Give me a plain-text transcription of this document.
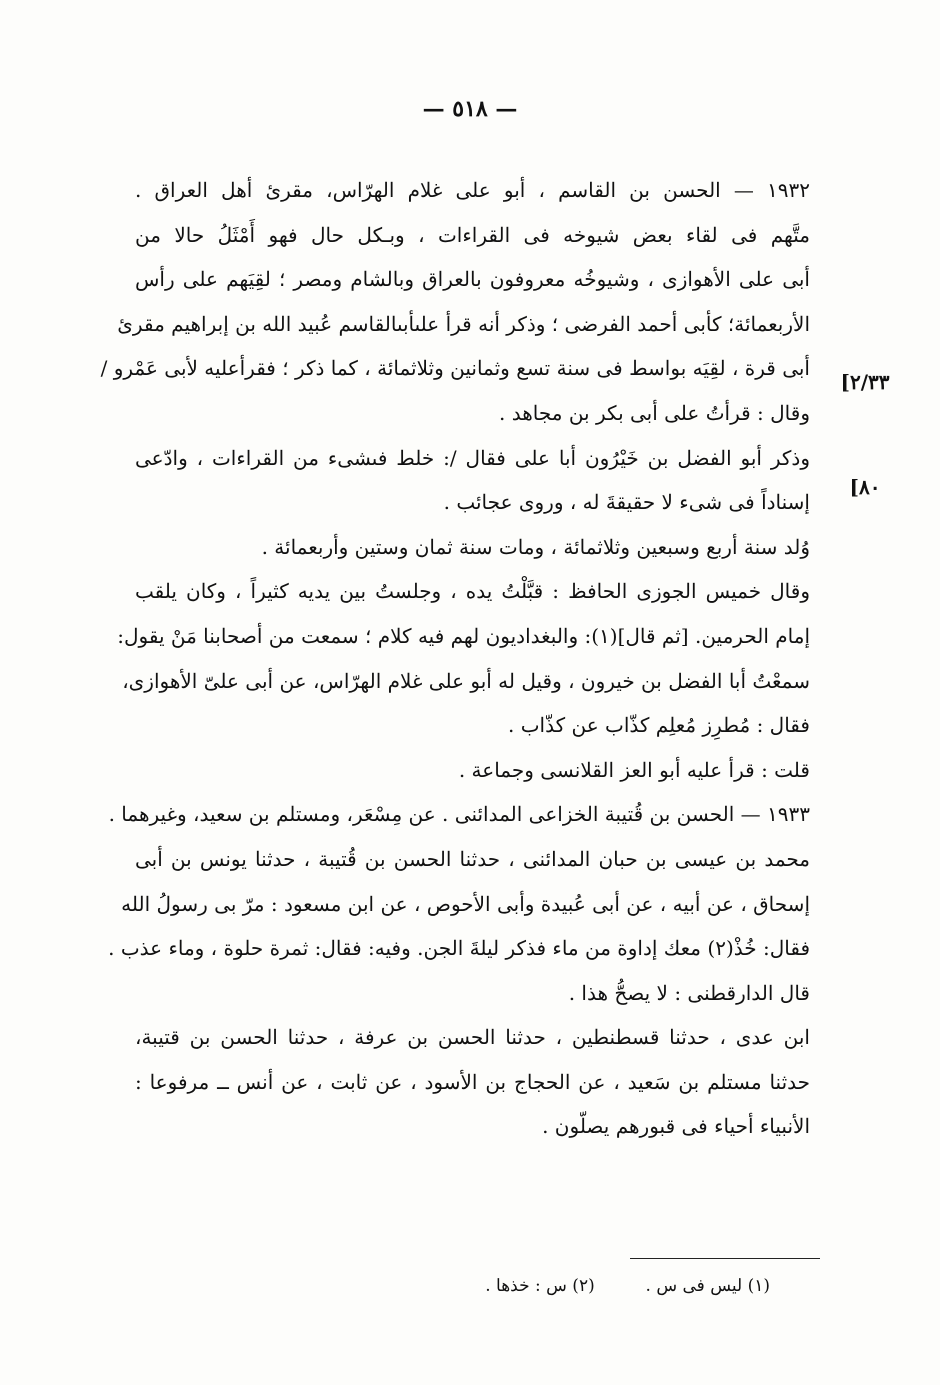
— ٥١٨ —
١٩٣٢ — الحسن بن القاسم ، أبو على غلام الهرّاس، مقرئ أهل العراق .
متَّهم فى لقاء بعض شيوخه فى القراءات ، وبـكل حال فهو أَمْثَلُ حالا من
أبى على الأهوازى ، وشيوخُه معروفون بالعراق وبالشام ومصر ؛ لقِيَهم على رأس
الأربعمائة؛ كأبى أحمد الفرضى ؛ وذكر أنه قرأ علىأبىالقاسم عُبيد الله بن إبراهيم مقرئ
أبى قرة ، لقِيَه بواسط فى سنة تسع وثمانين وثلاثمائة ، كما ذكر ؛ فقرأعليه لأبى عَمْرو /
وقال : قرأتُ على أبى بكر بن مجاهد .
وذكر أبو الفضل بن خَيْرُون أبا على فقال /: خلط فىشىء من القراءات ، وادّعى
إسناداً فى شىء لا حقيقةَ له ، وروى عجائب .
وُلد سنة أربع وسبعين وثلاثمائة ، ومات سنة ثمان وستين وأربعمائة .
وقال خميس الجوزى الحافظ : قبَّلْتُ يده ، وجلستُ بين يديه كثيراً ، وكان يلقب
إمام الحرمين. [ثم قال](١): والبغداديون لهم فيه كلام ؛ سمعت من أصحابنا مَنْ يقول:
سمعْتُ أبا الفضل بن خيرون ، وقيل له أبو على غلام الهرّاس، عن أبى علىّ الأهوازى،
فقال : مُطرِز مُعلِم كذّاب عن كذّاب .
قلت : قرأ عليه أبو العز القلانسى وجماعة .
١٩٣٣ — الحسن بن قُتيبة الخزاعى المدائنى . عن مِسْعَر، ومستلم بن سعيد، وغيرهما .
محمد بن عيسى بن حبان المدائنى ، حدثنا الحسن بن قُتيبة ، حدثنا يونس بن أبى
إسحاق ، عن أبيه ، عن أبى عُبيدة وأبى الأحوص ، عن ابن مسعود : مرّ بى رسولُ الله
فقال: خُذْ(٢) معك إداوة من ماء فذكر ليلةَ الجن. وفيه: فقال: ثمرة حلوة ، وماء عذب .
قال الدارقطنى : لا يصحُّ هذا .
ابن عدى ، حدثنا قسطنطين ، حدثنا الحسن بن عرفة ، حدثنا الحسن بن قتيبة،
حدثنا مستلم بن سَعيد ، عن الحجاج بن الأسود ، عن ثابت ، عن أنس ــ مرفوعا :
الأنبياء أحياء فى قبورهم يصلّون .
[٢/٣٣
[٨٠
(١) ليس فى س .  (٢) س : خذها .
